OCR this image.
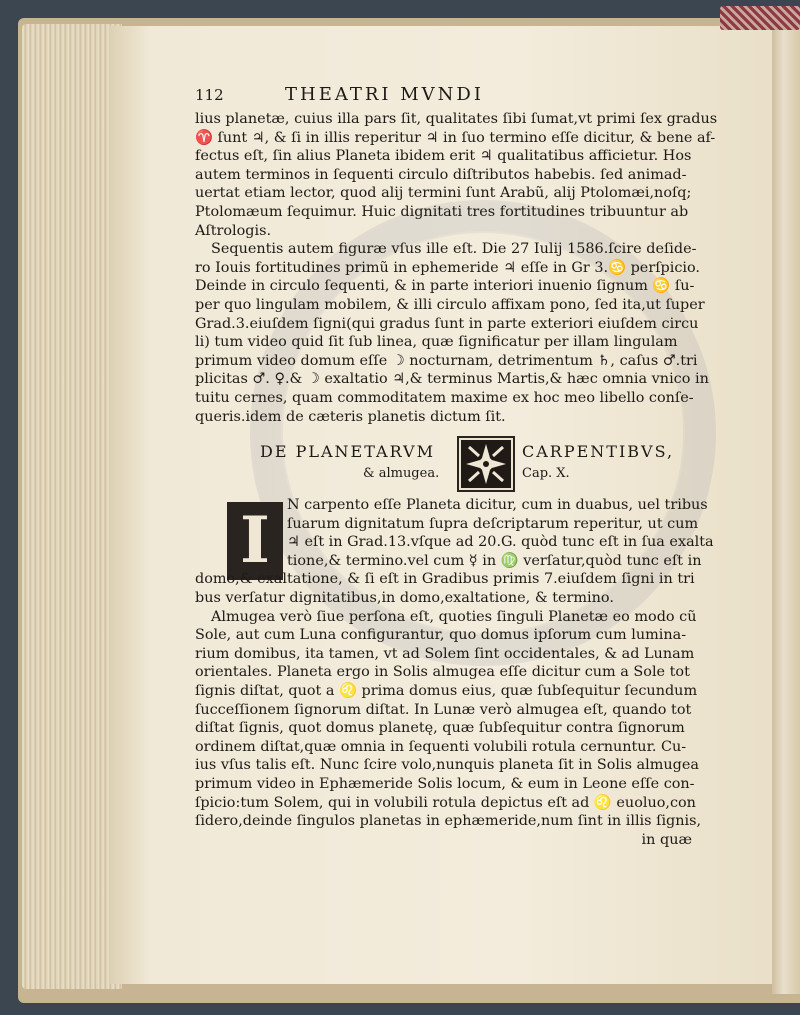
112	THEATRI MVNDI
lius planetæ, cuius illa pars ſit, qualitates ſibi ſumat,vt primi ſex gradus
♈ ſunt ♃, & ſi in illis reperitur ♃ in ſuo termino eſſe dicitur, & bene af-
fectus eſt, ſin alius Planeta ibidem erit ♃ qualitatibus afficietur. Hos
autem terminos in ſequenti circulo diſtributos habebis. ſed animad-
uertat etiam lector, quod alij termini ſunt Arabũ, alij Ptolomæi,noſq;
Ptolomæum ſequimur. Huic dignitati tres fortitudines tribuuntur ab
Aſtrologis.
Sequentis autem figuræ vſus ille eſt. Die 27 Iulij 1586.ſcire deſide-
ro Iouis fortitudines primũ in ephemeride ♃ eſſe in Gr 3.♋ perſpicio.
Deinde in circulo ſequenti, & in parte interiori inuenio ſignum ♋ ſu-
per quo lingulam mobilem, & illi circulo affixam pono, ſed ita,ut ſuper
Grad.3.eiuſdem ſigni(qui gradus ſunt in parte exteriori eiuſdem circu
li) tum video quid ſit ſub linea, quæ ſignificatur per illam lingulam
primum video domum eſſe ☽ nocturnam, detrimentum ♄, caſus ♂.tri
plicitas ♂. ♀.& ☽ exaltatio ♃,& terminus Martis,& hæc omnia vnico in
tuitu cernes, quam commoditatem maxime ex hoc meo libello conſe-
queris.idem de cæteris planetis dictum ſit.
DE PLANETARVM
& almugea.
CARPENTIBVS,
Cap. X.
I	N carpento eſſe Planeta dicitur, cum in duabus, uel tribus
ſuarum dignitatum ſupra deſcriptarum reperitur, ut cum
♃ eſt in Grad.13.vſque ad 20.G. quòd tunc eſt in ſua exalta
tione,& termino.vel cum ☿ in ♍ verſatur,quòd tunc eſt in
domo,& exaltatione, & ſi eſt in Gradibus primis 7.eiuſdem ſigni in tri
bus verſatur dignitatibus,in domo,exaltatione, & termino.
Almugea verò ſiue perſona eſt, quoties ſinguli Planetæ eo modo cũ
Sole, aut cum Luna configurantur, quo domus ipſorum cum lumina-
rium domibus, ita tamen, vt ad Solem ſint occidentales, & ad Lunam
orientales. Planeta ergo in Solis almugea eſſe dicitur cum a Sole tot
ſignis diſtat, quot a ♌ prima domus eius, quæ ſubſequitur ſecundum
ſucceſſionem ſignorum diſtat. In Lunæ verò almugea eſt, quando tot
diſtat ſignis, quot domus planetę, quæ ſubſequitur contra ſignorum
ordinem diſtat,quæ omnia in ſequenti volubili rotula cernuntur. Cu-
ius vſus talis eſt. Nunc ſcire volo,nunquis planeta ſit in Solis almugea
primum video in Ephæmeride Solis locum, & eum in Leone eſſe con-
ſpicio:tum Solem, qui in volubili rotula depictus eſt ad ♌ euoluo,con
ſidero,deinde ſingulos planetas in ephæmeride,num ſint in illis ſignis,
in quæ
